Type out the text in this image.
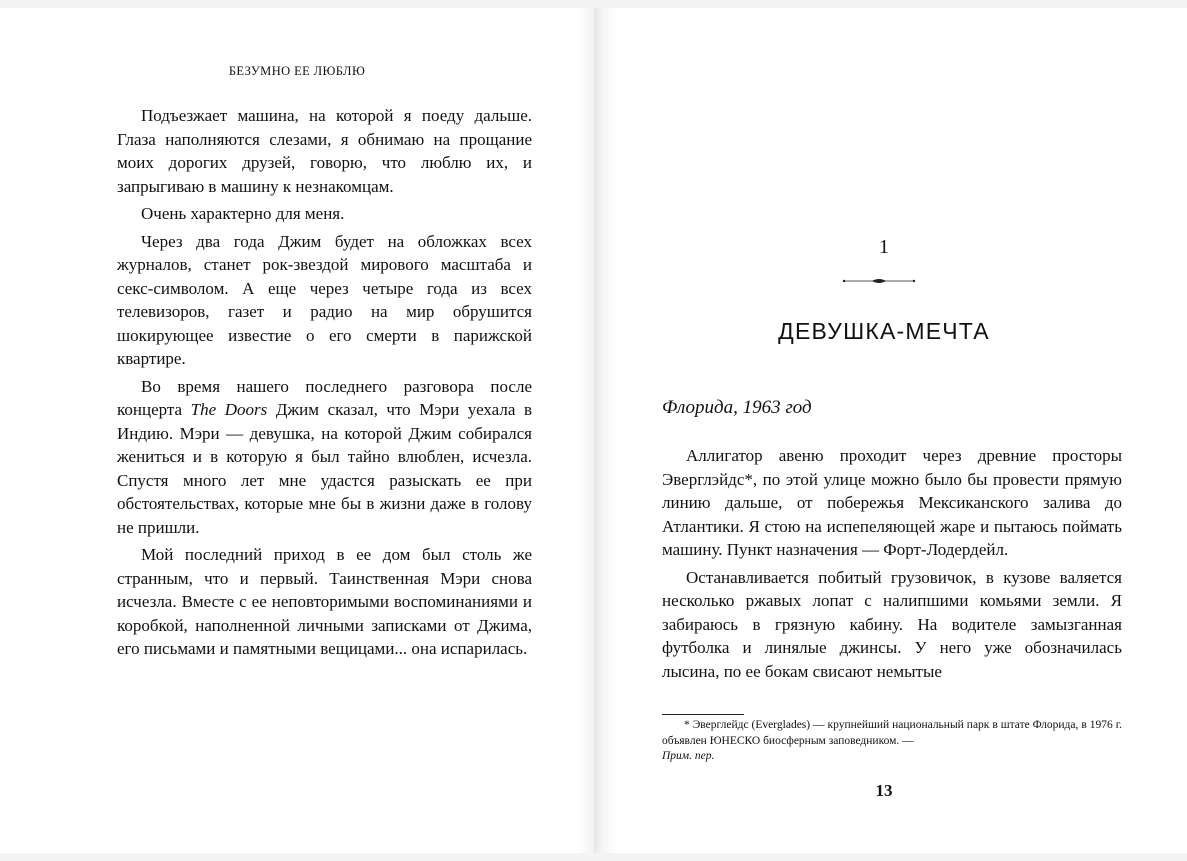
БЕЗУМНО ЕЕ ЛЮБЛЮ

Подъезжает машина, на которой я поеду дальше. Глаза наполняются слезами, я обнимаю на прощание моих дорогих друзей, говорю, что люблю их, и запрыгиваю в машину к незнакомцам.

Очень характерно для меня.

Через два года Джим будет на обложках всех журналов, станет рок-звездой мирового масштаба и секс-символом. А еще через четыре года из всех телевизоров, газет и радио на мир обрушится шокирующее известие о его смерти в парижской квартире.

Во время нашего последнего разговора после концерта The Doors Джим сказал, что Мэри уехала в Индию. Мэри — девушка, на которой Джим собирался жениться и в которую я был тайно влюблен, исчезла. Спустя много лет мне удастся разыскать ее при обстоятельствах, которые мне бы в жизни даже в голову не пришли.

Мой последний приход в ее дом был столь же странным, что и первый. Таинственная Мэри снова исчезла. Вместе с ее неповторимыми воспоминаниями и коробкой, наполненной личными записками от Джима, его письмами и памятными вещицами... она испарилась.

1
ДЕВУШКА-МЕЧТА
Флорида, 1963 год

Аллигатор авеню проходит через древние просторы Эверглэйдс*, по этой улице можно было бы провести прямую линию дальше, от побережья Мексиканского залива до Атлантики. Я стою на испепеляющей жаре и пытаюсь поймать машину. Пункт назначения — Форт-Лодердейл.

Останавливается побитый грузовичок, в кузове валяется несколько ржавых лопат с налипшими комьями земли. Я забираюсь в грязную кабину. На водителе замызганная футболка и линялые джинсы. У него уже обозначилась лысина, по ее бокам свисают немытые

* Эверглейдс (Everglades) — крупнейший национальный парк в штате Флорида, в 1976 г. объявлен ЮНЕСКО биосферным заповедником. —
Прим. пер.
13
